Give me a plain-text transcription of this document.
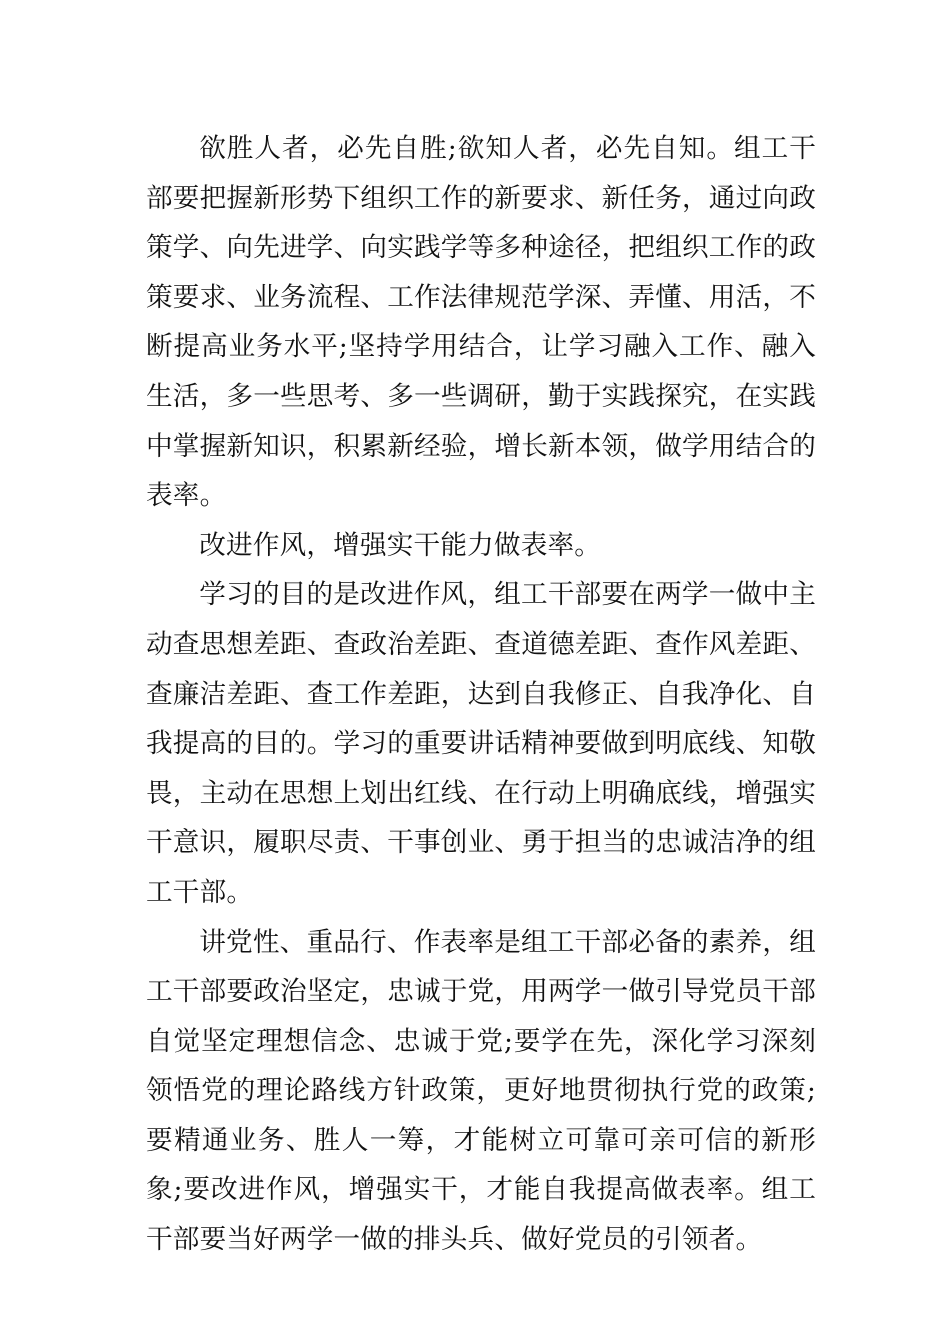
欲胜人者，必先自胜;欲知人者，必先自知。组工干部要把握新形势下组织工作的新要求、新任务，通过向政策学、向先进学、向实践学等多种途径，把组织工作的政策要求、业务流程、工作法律规范学深、弄懂、用活，不断提高业务水平;坚持学用结合，让学习融入工作、融入生活，多一些思考、多一些调研，勤于实践探究，在实践中掌握新知识，积累新经验，增长新本领，做学用结合的表率。

改进作风，增强实干能力做表率。

学习的目的是改进作风，组工干部要在两学一做中主动查思想差距、查政治差距、查道德差距、查作风差距、查廉洁差距、查工作差距，达到自我修正、自我净化、自我提高的目的。学习的重要讲话精神要做到明底线、知敬畏，主动在思想上划出红线、在行动上明确底线，增强实干意识，履职尽责、干事创业、勇于担当的忠诚洁净的组工干部。

讲党性、重品行、作表率是组工干部必备的素养，组工干部要政治坚定，忠诚于党，用两学一做引导党员干部自觉坚定理想信念、忠诚于党;要学在先，深化学习深刻领悟党的理论路线方针政策，更好地贯彻执行党的政策;要精通业务、胜人一筹，才能树立可靠可亲可信的新形象;要改进作风，增强实干，才能自我提高做表率。组工干部要当好两学一做的排头兵、做好党员的引领者。
